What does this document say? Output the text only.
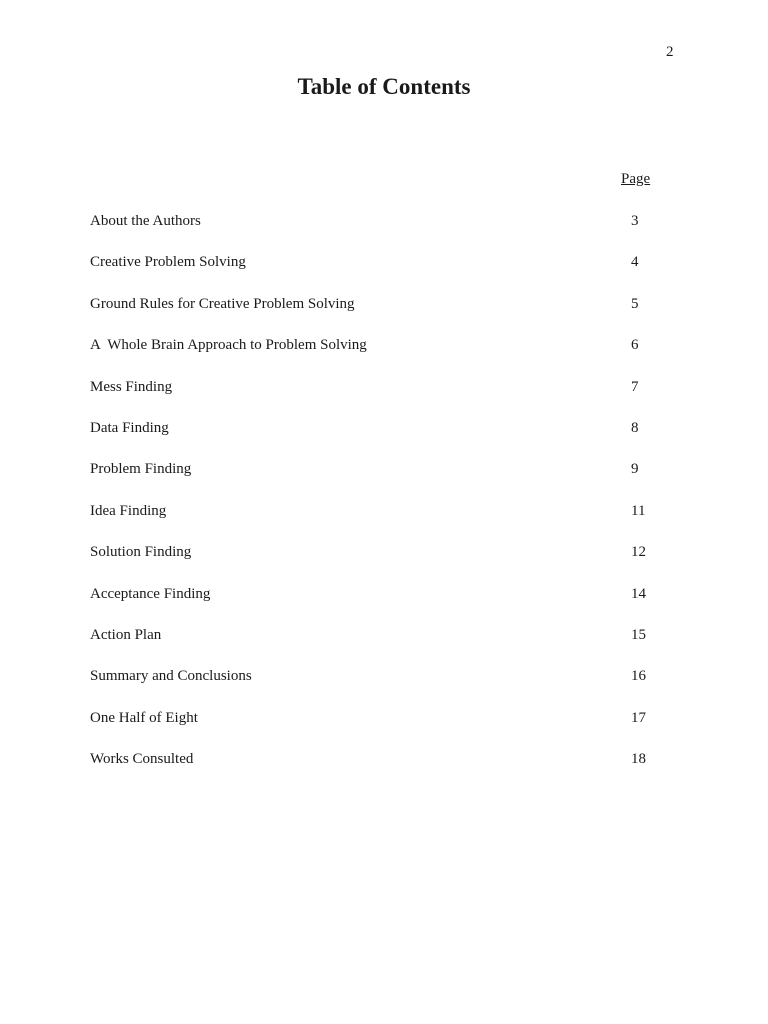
2
Table of Contents
Page
About the Authors	3
Creative Problem Solving	4
Ground Rules for Creative Problem Solving	5
A  Whole Brain Approach to Problem Solving	6
Mess Finding	7
Data Finding	8
Problem Finding	9
Idea Finding	11
Solution Finding	12
Acceptance Finding	14
Action Plan	15
Summary and Conclusions	16
One Half of Eight	17
Works Consulted	18
